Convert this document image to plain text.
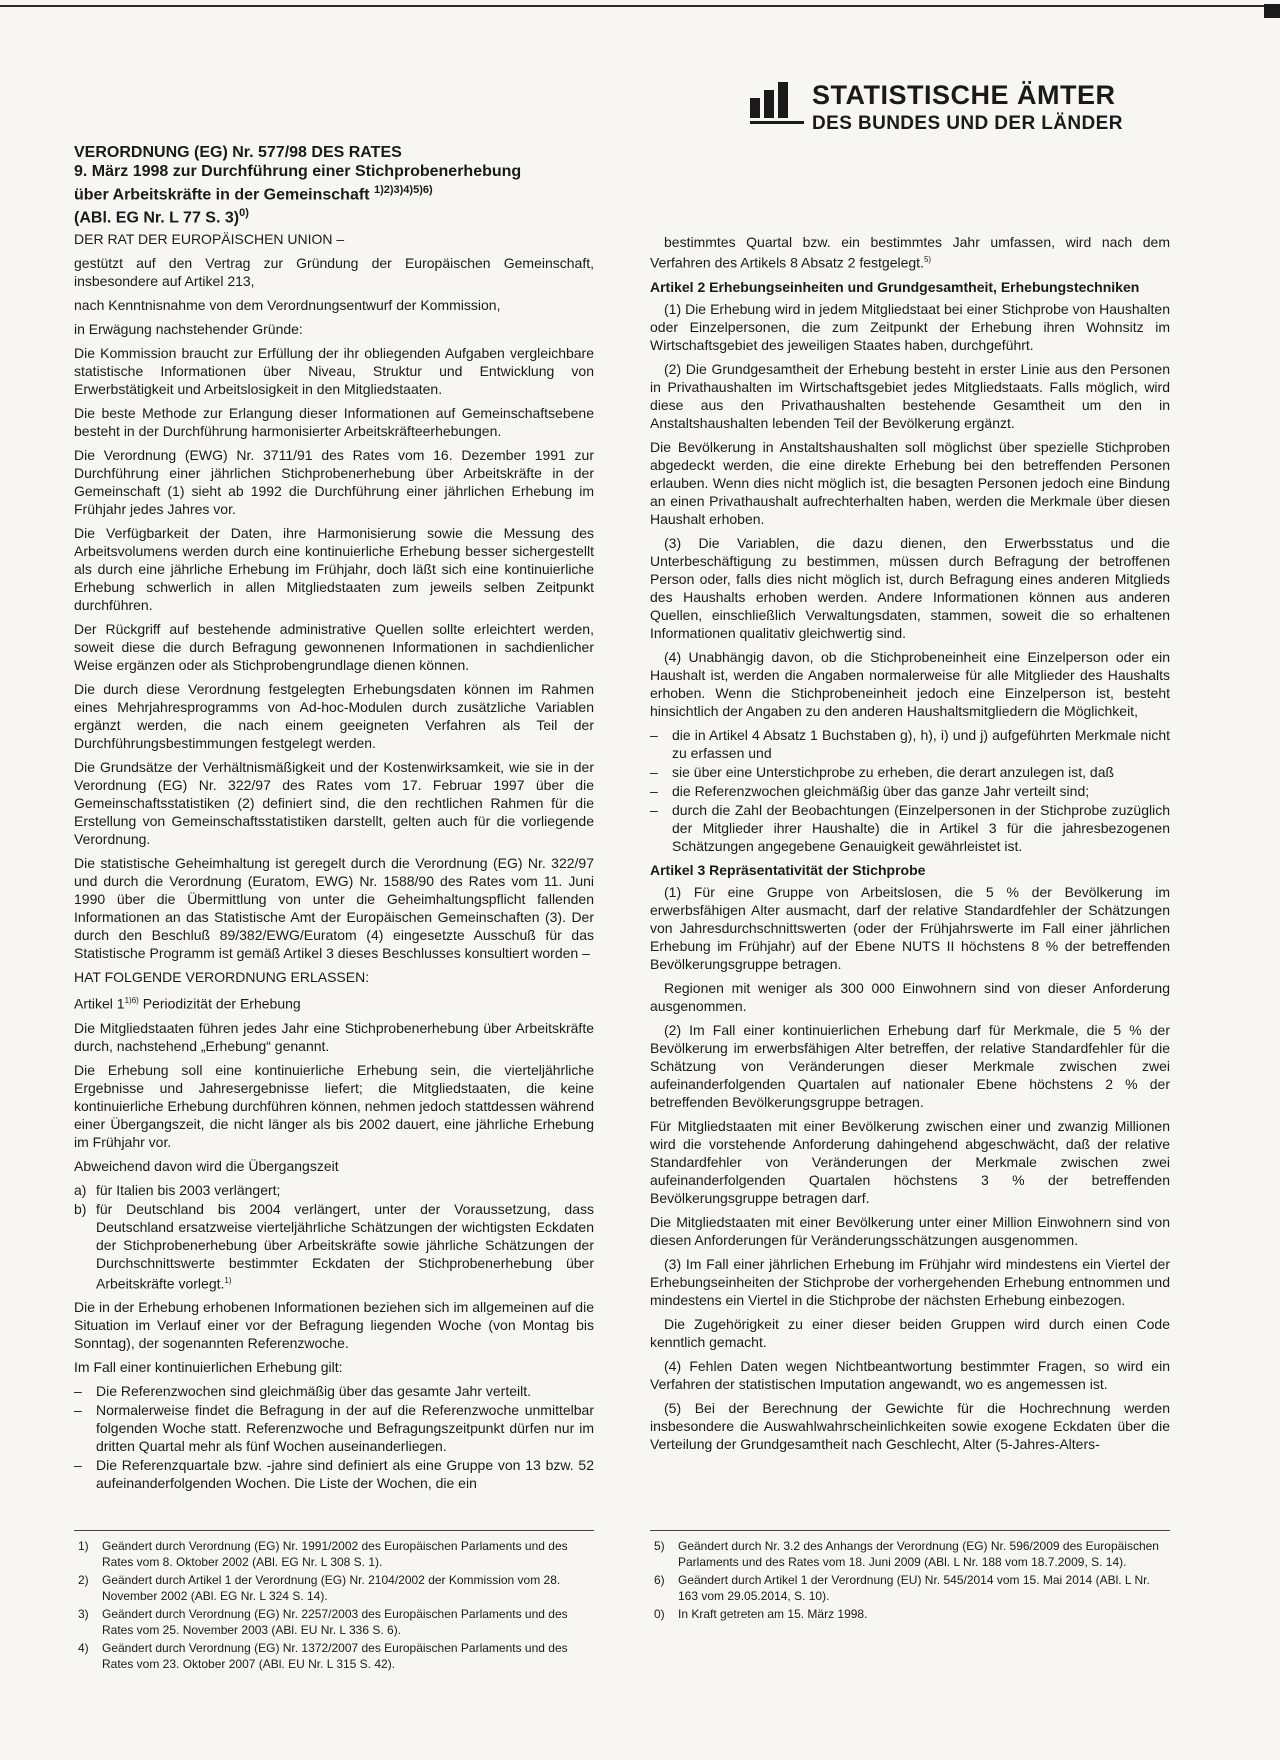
STATISTISCHE ÄMTER
DES BUNDES UND DER LÄNDER
VERORDNUNG (EG) Nr. 577/98 DES RATES
9. März 1998 zur Durchführung einer Stichprobenerhebung
über Arbeitskräfte in der Gemeinschaft $^{1)2)3)4)5)6)}$
(ABl. EG Nr. L 77 S. 3)$^{0)}$

DER RAT DER EUROPÄISCHEN UNION –

gestützt auf den Vertrag zur Gründung der Europäischen Gemeinschaft, insbesondere auf Artikel 213,

nach Kenntnisnahme von dem Verordnungsentwurf der Kommission,

in Erwägung nachstehender Gründe:

Die Kommission braucht zur Erfüllung der ihr obliegenden Aufgaben vergleichbare statistische Informationen über Niveau, Struktur und Entwicklung von Erwerbstätigkeit und Arbeitslosigkeit in den Mitgliedstaaten.

Die beste Methode zur Erlangung dieser Informationen auf Gemeinschaftsebene besteht in der Durchführung harmonisierter Arbeitskräfteerhebungen.

Die Verordnung (EWG) Nr. 3711/91 des Rates vom 16. Dezember 1991 zur Durchführung einer jährlichen Stichprobenerhebung über Arbeitskräfte in der Gemeinschaft (1) sieht ab 1992 die Durchführung einer jährlichen Erhebung im Frühjahr jedes Jahres vor.

Die Verfügbarkeit der Daten, ihre Harmonisierung sowie die Messung des Arbeitsvolumens werden durch eine kontinuierliche Erhebung besser sichergestellt als durch eine jährliche Erhebung im Frühjahr, doch läßt sich eine kontinuierliche Erhebung schwerlich in allen Mitgliedstaaten zum jeweils selben Zeitpunkt durchführen.

Der Rückgriff auf bestehende administrative Quellen sollte erleichtert werden, soweit diese die durch Befragung gewonnenen Informationen in sachdienlicher Weise ergänzen oder als Stichprobengrundlage dienen können.

Die durch diese Verordnung festgelegten Erhebungsdaten können im Rahmen eines Mehrjahresprogramms von Ad-hoc-Modulen durch zusätzliche Variablen ergänzt werden, die nach einem geeigneten Verfahren als Teil der Durchführungsbestimmungen festgelegt werden.

Die Grundsätze der Verhältnismäßigkeit und der Kostenwirksamkeit, wie sie in der Verordnung (EG) Nr. 322/97 des Rates vom 17. Februar 1997 über die Gemeinschaftsstatistiken (2) definiert sind, die den rechtlichen Rahmen für die Erstellung von Gemeinschaftsstatistiken darstellt, gelten auch für die vorliegende Verordnung.

Die statistische Geheimhaltung ist geregelt durch die Verordnung (EG) Nr. 322/97 und durch die Verordnung (Euratom, EWG) Nr. 1588/90 des Rates vom 11. Juni 1990 über die Übermittlung von unter die Geheimhaltungspflicht fallenden Informationen an das Statistische Amt der Europäischen Gemeinschaften (3). Der durch den Beschluß 89/382/EWG/Euratom (4) eingesetzte Ausschuß für das Statistische Programm ist gemäß Artikel 3 dieses Beschlusses konsultiert worden –

HAT FOLGENDE VERORDNUNG ERLASSEN:

Artikel $1^{1)6)}$ Periodizität der Erhebung

Die Mitgliedstaaten führen jedes Jahr eine Stichprobenerhebung über Arbeitskräfte durch, nachstehend „Erhebung“ genannt.

Die Erhebung soll eine kontinuierliche Erhebung sein, die vierteljährliche Ergebnisse und Jahresergebnisse liefert; die Mitgliedstaaten, die keine kontinuierliche Erhebung durchführen können, nehmen jedoch stattdessen während einer Übergangszeit, die nicht länger als bis 2002 dauert, eine jährliche Erhebung im Frühjahr vor.

Abweichend davon wird die Übergangszeit

a) für Italien bis 2003 verlängert;
b) für Deutschland bis 2004 verlängert, unter der Voraussetzung, dass Deutschland ersatzweise vierteljährliche Schätzungen der wichtigsten Eckdaten der Stichprobenerhebung über Arbeitskräfte sowie jährliche Schätzungen der Durchschnittswerte bestimmter Eckdaten der Stichprobenerhebung über Arbeitskräfte vorlegt.$^{1)}$

Die in der Erhebung erhobenen Informationen beziehen sich im allgemeinen auf die Situation im Verlauf einer vor der Befragung liegenden Woche (von Montag bis Sonntag), der sogenannten Referenzwoche.

Im Fall einer kontinuierlichen Erhebung gilt:

– Die Referenzwochen sind gleichmäßig über das gesamte Jahr verteilt.
– Normalerweise findet die Befragung in der auf die Referenzwoche unmittelbar folgenden Woche statt. Referenzwoche und Befragungszeitpunkt dürfen nur im dritten Quartal mehr als fünf Wochen auseinanderliegen.
– Die Referenzquartale bzw. -jahre sind definiert als eine Gruppe von 13 bzw. 52 aufeinanderfolgenden Wochen. Die Liste der Wochen, die ein

bestimmtes Quartal bzw. ein bestimmtes Jahr umfassen, wird nach dem Verfahren des Artikels 8 Absatz 2 festgelegt.$^{5)}$

Artikel 2 Erhebungseinheiten und Grundgesamtheit, Erhebungstechniken

(1) Die Erhebung wird in jedem Mitgliedstaat bei einer Stichprobe von Haushalten oder Einzelpersonen, die zum Zeitpunkt der Erhebung ihren Wohnsitz im Wirtschaftsgebiet des jeweiligen Staates haben, durchgeführt.

(2) Die Grundgesamtheit der Erhebung besteht in erster Linie aus den Personen in Privathaushalten im Wirtschaftsgebiet jedes Mitgliedstaats. Falls möglich, wird diese aus den Privathaushalten bestehende Gesamtheit um den in Anstaltshaushalten lebenden Teil der Bevölkerung ergänzt.

Die Bevölkerung in Anstaltshaushalten soll möglichst über spezielle Stichproben abgedeckt werden, die eine direkte Erhebung bei den betreffenden Personen erlauben. Wenn dies nicht möglich ist, die besagten Personen jedoch eine Bindung an einen Privathaushalt aufrechterhalten haben, werden die Merkmale über diesen Haushalt erhoben.

(3) Die Variablen, die dazu dienen, den Erwerbsstatus und die Unterbeschäftigung zu bestimmen, müssen durch Befragung der betroffenen Person oder, falls dies nicht möglich ist, durch Befragung eines anderen Mitglieds des Haushalts erhoben werden. Andere Informationen können aus anderen Quellen, einschließlich Verwaltungsdaten, stammen, soweit die so erhaltenen Informationen qualitativ gleichwertig sind.

(4) Unabhängig davon, ob die Stichprobeneinheit eine Einzelperson oder ein Haushalt ist, werden die Angaben normalerweise für alle Mitglieder des Haushalts erhoben. Wenn die Stichprobeneinheit jedoch eine Einzelperson ist, besteht hinsichtlich der Angaben zu den anderen Haushaltsmitgliedern die Möglichkeit,

– die in Artikel 4 Absatz 1 Buchstaben g), h), i) und j) aufgeführten Merkmale nicht zu erfassen und
– sie über eine Unterstichprobe zu erheben, die derart anzulegen ist, daß
– die Referenzwochen gleichmäßig über das ganze Jahr verteilt sind;
– durch die Zahl der Beobachtungen (Einzelpersonen in der Stichprobe zuzüglich der Mitglieder ihrer Haushalte) die in Artikel 3 für die jahresbezogenen Schätzungen angegebene Genauigkeit gewährleistet ist.
Artikel 3 Repräsentativität der Stichprobe

(1) Für eine Gruppe von Arbeitslosen, die 5 % der Bevölkerung im erwerbsfähigen Alter ausmacht, darf der relative Standardfehler der Schätzungen von Jahresdurchschnittswerten (oder der Frühjahrswerte im Fall einer jährlichen Erhebung im Frühjahr) auf der Ebene NUTS II höchstens 8 % der betreffenden Bevölkerungsgruppe betragen.

Regionen mit weniger als 300 000 Einwohnern sind von dieser Anforderung ausgenommen.

(2) Im Fall einer kontinuierlichen Erhebung darf für Merkmale, die 5 % der Bevölkerung im erwerbsfähigen Alter betreffen, der relative Standardfehler für die Schätzung von Veränderungen dieser Merkmale zwischen zwei aufeinanderfolgenden Quartalen auf nationaler Ebene höchstens 2 % der betreffenden Bevölkerungsgruppe betragen.

Für Mitgliedstaaten mit einer Bevölkerung zwischen einer und zwanzig Millionen wird die vorstehende Anforderung dahingehend abgeschwächt, daß der relative Standardfehler von Veränderungen der Merkmale zwischen zwei aufeinanderfolgenden Quartalen höchstens 3 % der betreffenden Bevölkerungsgruppe betragen darf.

Die Mitgliedstaaten mit einer Bevölkerung unter einer Million Einwohnern sind von diesen Anforderungen für Veränderungsschätzungen ausgenommen.

(3) Im Fall einer jährlichen Erhebung im Frühjahr wird mindestens ein Viertel der Erhebungseinheiten der Stichprobe der vorhergehenden Erhebung entnommen und mindestens ein Viertel in die Stichprobe der nächsten Erhebung einbezogen.

Die Zugehörigkeit zu einer dieser beiden Gruppen wird durch einen Code kenntlich gemacht.

(4) Fehlen Daten wegen Nichtbeantwortung bestimmter Fragen, so wird ein Verfahren der statistischen Imputation angewandt, wo es angemessen ist.

(5) Bei der Berechnung der Gewichte für die Hochrechnung werden insbesondere die Auswahlwahrscheinlichkeiten sowie exogene Eckdaten über die Verteilung der Grundgesamtheit nach Geschlecht, Alter (5-Jahres-Alters-

1) Geändert durch Verordnung (EG) Nr. 1991/2002 des Europäischen Parlaments und des Rates vom 8. Oktober 2002 (ABl. EG Nr. L 308 S. 1).
2) Geändert durch Artikel 1 der Verordnung (EG) Nr. 2104/2002 der Kommission vom 28. November 2002 (ABl. EG Nr. L 324 S. 14).
3) Geändert durch Verordnung (EG) Nr. 2257/2003 des Europäischen Parlaments und des Rates vom 25. November 2003 (ABl. EU Nr. L 336 S. 6).
4) Geändert durch Verordnung (EG) Nr. 1372/2007 des Europäischen Parlaments und des Rates vom 23. Oktober 2007 (ABl. EU Nr. L 315 S. 42).
5) Geändert durch Nr. 3.2 des Anhangs der Verordnung (EG) Nr. 596/2009 des Europäischen Parlaments und des Rates vom 18. Juni 2009 (ABl. L Nr. 188 vom 18.7.2009, S. 14).
6) Geändert durch Artikel 1 der Verordnung (EU) Nr. 545/2014 vom 15. Mai 2014 (ABl. L Nr. 163 vom 29.05.2014, S. 10).
0) In Kraft getreten am 15. März 1998.
